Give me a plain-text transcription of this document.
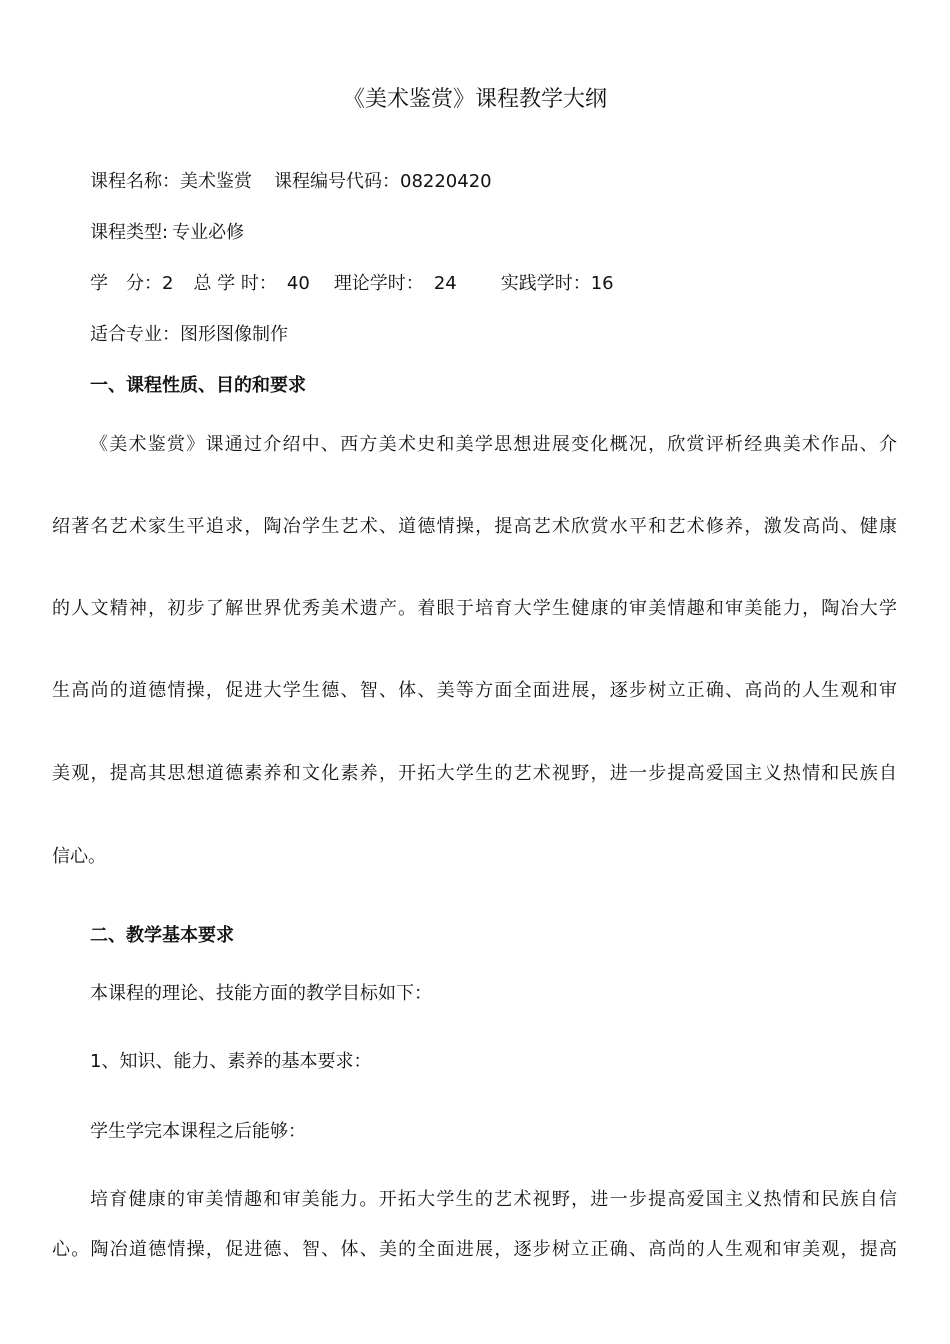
《美术鉴赏》课程教学大纲
课程名称：美术鉴赏 课程编号代码：08220420
课程类型: 专业必修
学　分：2 总 学 时： 40 理论学时： 24 实践学时：16
适合专业：图形图像制作
一、课程性质、目的和要求
《美术鉴赏》课通过介绍中、西方美术史和美学思想进展变化概况，欣赏评析经典美术作品、介
绍著名艺术家生平追求，陶冶学生艺术、道德情操，提高艺术欣赏水平和艺术修养，激发高尚、健康
的人文精神，初步了解世界优秀美术遗产。着眼于培育大学生健康的审美情趣和审美能力，陶冶大学
生高尚的道德情操，促进大学生德、智、体、美等方面全面进展，逐步树立正确、高尚的人生观和审
美观，提高其思想道德素养和文化素养，开拓大学生的艺术视野，进一步提高爱国主义热情和民族自
信心。
二、教学基本要求
本课程的理论、技能方面的教学目标如下：
1、知识、能力、素养的基本要求：
学生学完本课程之后能够：
培育健康的审美情趣和审美能力。开拓大学生的艺术视野，进一步提高爱国主义热情和民族自信
心。陶冶道德情操，促进德、智、体、美的全面进展，逐步树立正确、高尚的人生观和审美观，提高
